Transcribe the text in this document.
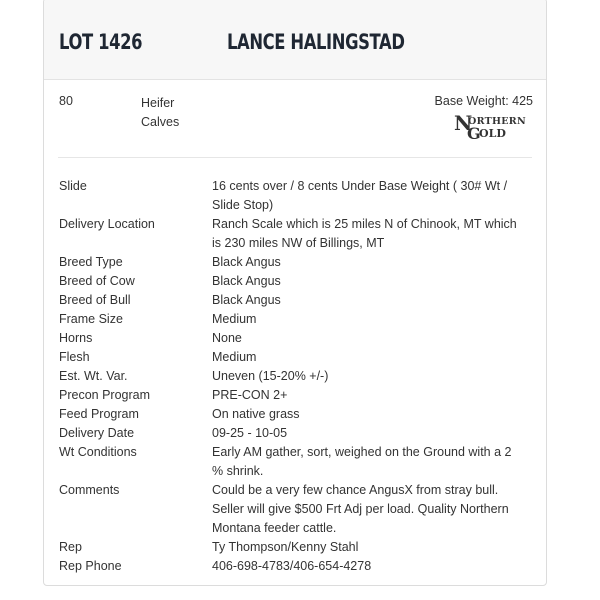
LOT 1426	LANCE HALINGSTAD
80	Heifer Calves
Base Weight: 425
N
ORTHERN
G
OLD
Slide	16 cents over / 8 cents Under Base Weight ( 30# Wt / Slide Stop)
Delivery Location	Ranch Scale which is 25 miles N of Chinook, MT which is 230 miles NW of Billings, MT
Breed Type	Black Angus
Breed of Cow	Black Angus
Breed of Bull	Black Angus
Frame Size	Medium
Horns	None
Flesh	Medium
Est. Wt. Var.	Uneven (15-20% +/-)
Precon Program	PRE-CON 2+
Feed Program	On native grass
Delivery Date	09-25 - 10-05
Wt Conditions	Early AM gather, sort, weighed on the Ground with a 2 % shrink.
Comments	Could be a very few chance AngusX from stray bull. Seller will give $500 Frt Adj per load. Quality Northern Montana feeder cattle.
Rep	Ty Thompson/Kenny Stahl
Rep Phone	406-698-4783/406-654-4278
